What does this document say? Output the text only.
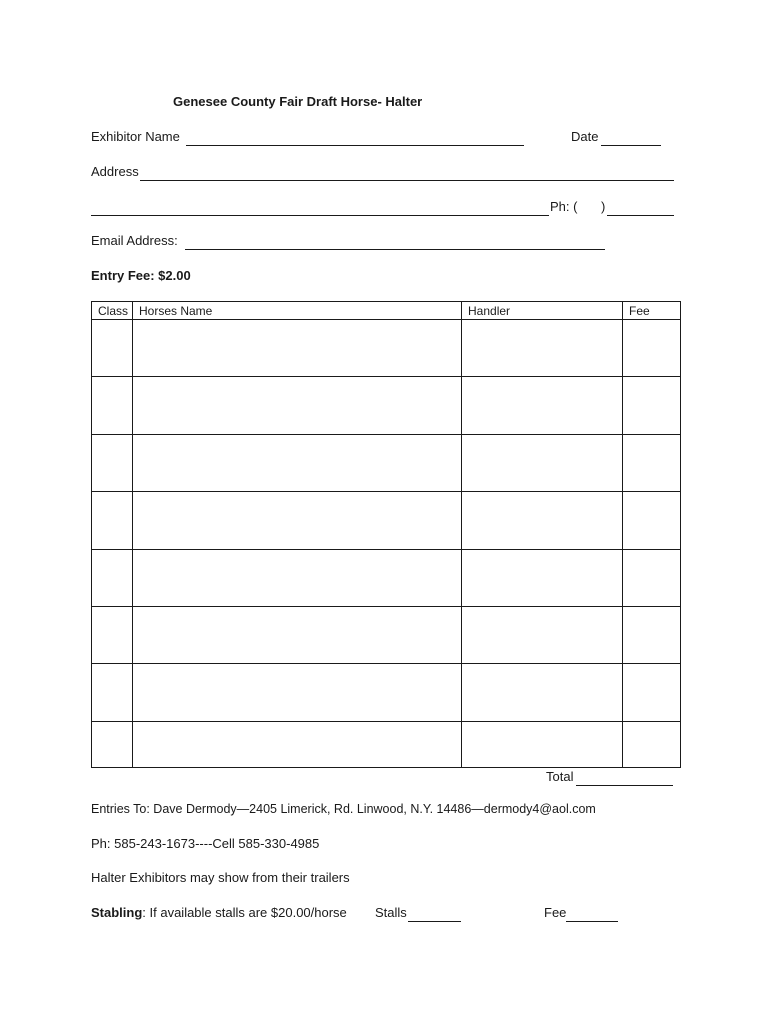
Genesee County Fair Draft Horse- Halter
Exhibitor Name	Date
Address
Ph: ( )
Email Address:
Entry Fee: $2.00
Class	Horses Name	Handler	Fee

Total
Entries To: Dave Dermody—2405 Limerick, Rd. Linwood, N.Y. 14486—dermody4@aol.com
Ph: 585-243-1673----Cell 585-330-4985
Halter Exhibitors may show from their trailers
Stabling: If available stalls are $20.00/horse Stalls	Fee
